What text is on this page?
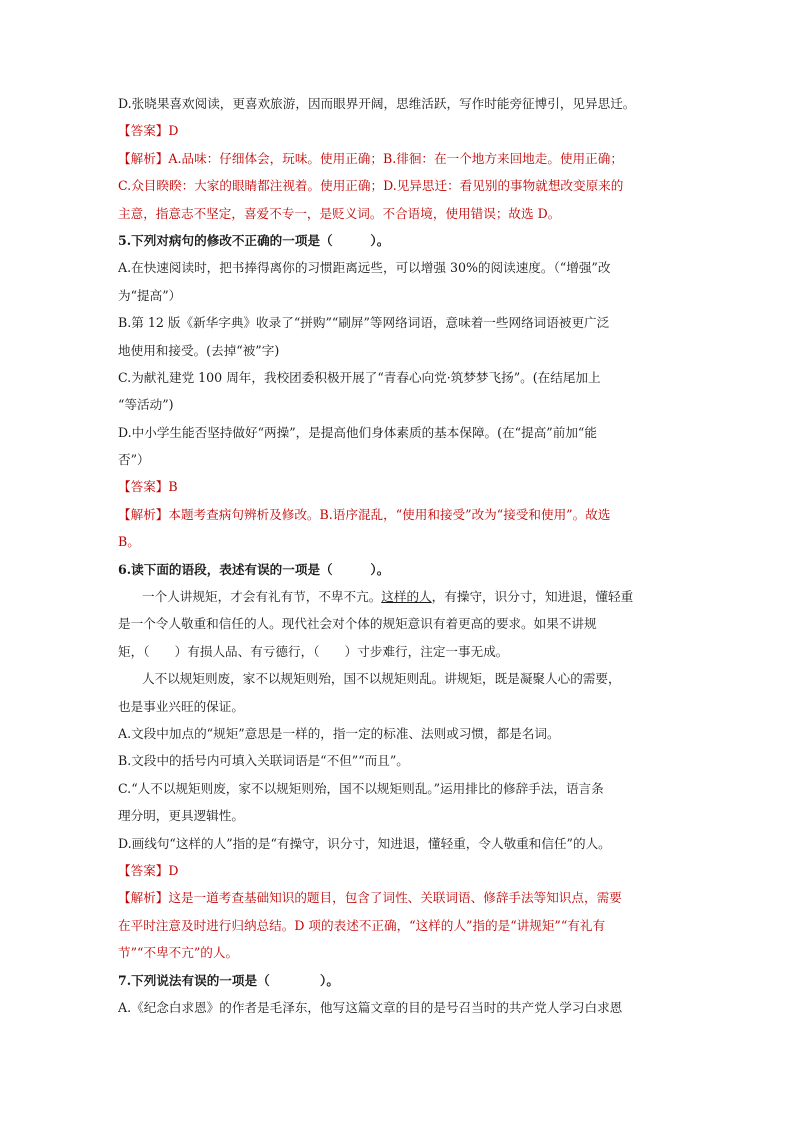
D.张晓果喜欢阅读，更喜欢旅游，因而眼界开阔，思维活跃，写作时能旁征博引，见异思迁。
【答案】D
【解析】A.品味：仔细体会，玩味。使用正确；B.徘徊：在一个地方来回地走。使用正确；
C.众目睽睽：大家的眼睛都注视着。使用正确；D.见异思迁：看见别的事物就想改变原来的
主意，指意志不坚定，喜爱不专一，是贬义词。不合语境，使用错误；故选 D。
5.下列对病句的修改不正确的一项是（　　　）。
A.在快速阅读时，把书捧得离你的习惯距离远些，可以增强 30%的阅读速度。（“增强”改
为“提高”）
B.第 12 版《新华字典》收录了“拼购”“刷屏”等网络词语，意味着一些网络词语被更广泛
地使用和接受。(去掉“被”字)
C.为献礼建党 100 周年，我校团委积极开展了“青春心向党·筑梦梦飞扬”。(在结尾加上
“等活动”)
D.中小学生能否坚持做好“两操”，是提高他们身体素质的基本保障。(在“提高”前加“能
否”）
【答案】B
【解析】本题考查病句辨析及修改。B.语序混乱，“使用和接受”改为“接受和使用”。故选
B。
6.读下面的语段，表述有误的一项是（　　　）。
一个人讲规矩，才会有礼有节，不卑不亢。这样的人，有操守，识分寸，知进退，懂轻重
是一个令人敬重和信任的人。现代社会对个体的规矩意识有着更高的要求。如果不讲规
矩，（　　）有损人品、有亏德行，（　　）寸步难行，注定一事无成。
人不以规矩则废，家不以规矩则殆，国不以规矩则乱。讲规矩，既是凝聚人心的需要，
也是事业兴旺的保证。
A.文段中加点的“规矩”意思是一样的，指一定的标准、法则或习惯，都是名词。
B.文段中的括号内可填入关联词语是“不但”“而且”。
C.“人不以规矩则废，家不以规矩则殆，国不以规矩则乱。”运用排比的修辞手法，语言条
理分明，更具逻辑性。
D.画线句“这样的人”指的是“有操守，识分寸，知进退，懂轻重，令人敬重和信任”的人。
【答案】D
【解析】这是一道考查基础知识的题目，包含了词性、关联词语、修辞手法等知识点，需要
在平时注意及时进行归纳总结。D 项的表述不正确，“这样的人”指的是“讲规矩”“有礼有
节”“不卑不亢”的人。
7.下列说法有误的一项是（　　　　）。
A.《纪念白求恩》的作者是毛泽东，他写这篇文章的目的是号召当时的共产党人学习白求恩
